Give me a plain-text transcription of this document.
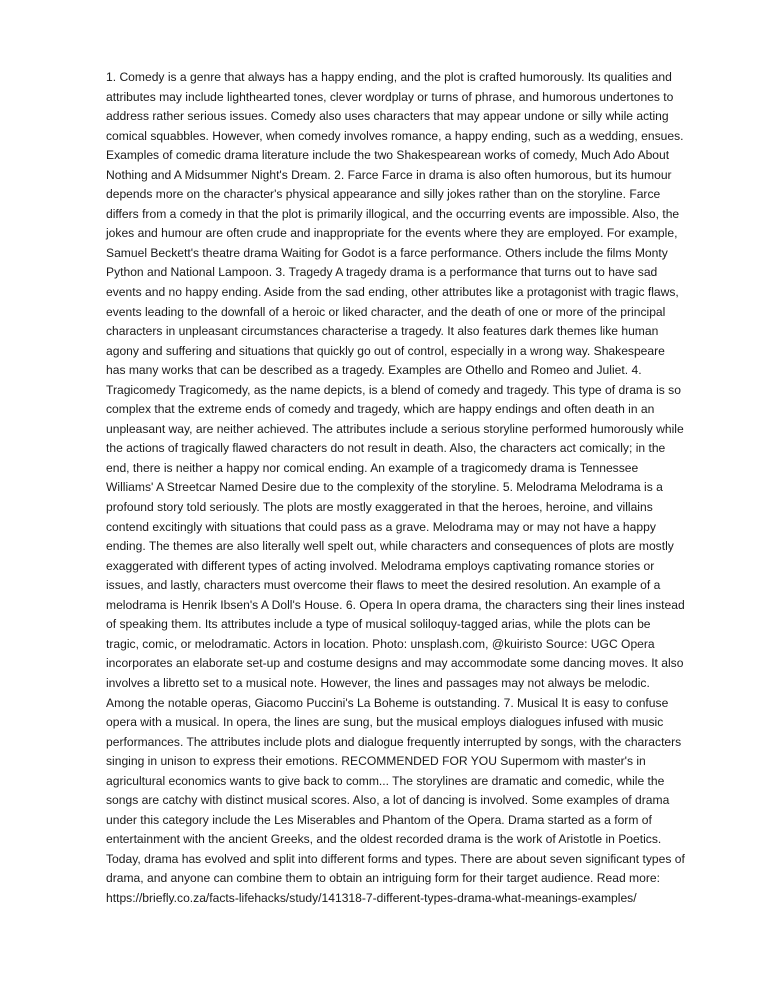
1. Comedy is a genre that always has a happy ending, and the plot is crafted humorously. Its qualities and attributes may include lighthearted tones, clever wordplay or turns of phrase, and humorous undertones to address rather serious issues. Comedy also uses characters that may appear undone or silly while acting comical squabbles. However, when comedy involves romance, a happy ending, such as a wedding, ensues. Examples of comedic drama literature include the two Shakespearean works of comedy, Much Ado About Nothing and A Midsummer Night's Dream. 2. Farce Farce in drama is also often humorous, but its humour depends more on the character's physical appearance and silly jokes rather than on the storyline. Farce differs from a comedy in that the plot is primarily illogical, and the occurring events are impossible. Also, the jokes and humour are often crude and inappropriate for the events where they are employed. For example, Samuel Beckett's theatre drama Waiting for Godot is a farce performance. Others include the films Monty Python and National Lampoon. 3. Tragedy A tragedy drama is a performance that turns out to have sad events and no happy ending. Aside from the sad ending, other attributes like a protagonist with tragic flaws, events leading to the downfall of a heroic or liked character, and the death of one or more of the principal characters in unpleasant circumstances characterise a tragedy. It also features dark themes like human agony and suffering and situations that quickly go out of control, especially in a wrong way. Shakespeare has many works that can be described as a tragedy. Examples are Othello and Romeo and Juliet. 4. Tragicomedy Tragicomedy, as the name depicts, is a blend of comedy and tragedy. This type of drama is so complex that the extreme ends of comedy and tragedy, which are happy endings and often death in an unpleasant way, are neither achieved. The attributes include a serious storyline performed humorously while the actions of tragically flawed characters do not result in death. Also, the characters act comically; in the end, there is neither a happy nor comical ending. An example of a tragicomedy drama is Tennessee Williams' A Streetcar Named Desire due to the complexity of the storyline. 5. Melodrama Melodrama is a profound story told seriously. The plots are mostly exaggerated in that the heroes, heroine, and villains contend excitingly with situations that could pass as a grave. Melodrama may or may not have a happy ending. The themes are also literally well spelt out, while characters and consequences of plots are mostly exaggerated with different types of acting involved. Melodrama employs captivating romance stories or issues, and lastly, characters must overcome their flaws to meet the desired resolution. An example of a melodrama is Henrik Ibsen's A Doll's House. 6. Opera In opera drama, the characters sing their lines instead of speaking them. Its attributes include a type of musical soliloquy-tagged arias, while the plots can be tragic, comic, or melodramatic. Actors in location. Photo: unsplash.com, @kuiristo Source: UGC Opera incorporates an elaborate set-up and costume designs and may accommodate some dancing moves. It also involves a libretto set to a musical note. However, the lines and passages may not always be melodic. Among the notable operas, Giacomo Puccini's La Boheme is outstanding. 7. Musical It is easy to confuse opera with a musical. In opera, the lines are sung, but the musical employs dialogues infused with music performances. The attributes include plots and dialogue frequently interrupted by songs, with the characters singing in unison to express their emotions. RECOMMENDED FOR YOU Supermom with master's in agricultural economics wants to give back to comm... The storylines are dramatic and comedic, while the songs are catchy with distinct musical scores. Also, a lot of dancing is involved. Some examples of drama under this category include the Les Miserables and Phantom of the Opera. Drama started as a form of entertainment with the ancient Greeks, and the oldest recorded drama is the work of Aristotle in Poetics. Today, drama has evolved and split into different forms and types. There are about seven significant types of drama, and anyone can combine them to obtain an intriguing form for their target audience. Read more: https://briefly.co.za/facts-lifehacks/study/141318-7-different-types-drama-what-meanings-examples/
